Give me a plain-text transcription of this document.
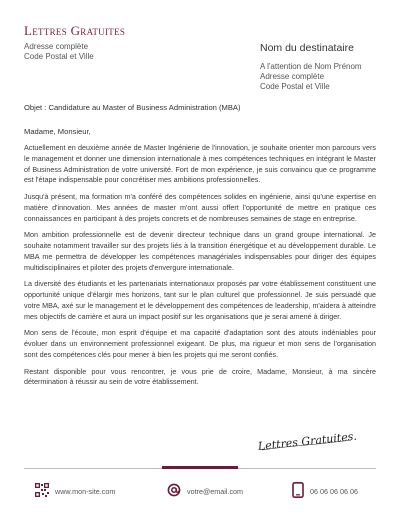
Lettres Gratuites
Adresse complète
Code Postal et Ville
Nom du destinataire
A l'attention de Nom Prénom
Adresse complète
Code Postal et Ville
Objet : Candidature au Master of Business Administration (MBA)
Madame, Monsieur,

Actuellement en deuxième année de Master Ingénierie de l'innovation, je souhaite orienter mon parcours vers le management et donner une dimension internationale à mes compétences techniques en intégrant le Master of Business Administration de votre université. Fort de mon expérience, je suis convaincu que ce programme est l'étape indispensable pour concrétiser mes ambitions professionnelles.

Jusqu'à présent, ma formation m'a conféré des compétences solides en ingénierie, ainsi qu'une expertise en matière d'innovation. Mes années de master m'ont aussi offert l'opportunité de mettre en pratique ces connaissances en participant à des projets concrets et de nombreuses semaines de stage en entreprise.

Mon ambition professionnelle est de devenir directeur technique dans un grand groupe international. Je souhaite notamment travailler sur des projets liés à la transition énergétique et au développement durable. Le MBA me permettra de développer les compétences managériales indispensables pour diriger des équipes multidisciplinaires et piloter des projets d'envergure internationale.

La diversité des étudiants et les partenariats internationaux proposés par votre établissement constituent une opportunité unique d'élargir mes horizons, tant sur le plan culturel que professionnel. Je suis persuadé que votre MBA, axé sur le management et le développement des compétences de leadership, m'aidera à atteindre mes objectifs de carrière et aura un impact positif sur les organisations que je serai amené à diriger.

Mon sens de l'écoute, mon esprit d'équipe et ma capacité d'adaptation sont des atouts indéniables pour évoluer dans un environnement professionnel exigeant. De plus, ma rigueur et mon sens de l'organisation sont des compétences clés pour mener à bien les projets qui me seront confiés.

Restant disponible pour vous rencontrer, je vous prie de croire, Madame, Monsieur, à ma sincère détermination à réussir au sein de votre établissement.

Lettres Gratuites.
www.mon-site.com	votre@email.com	06 06 06 06 06
